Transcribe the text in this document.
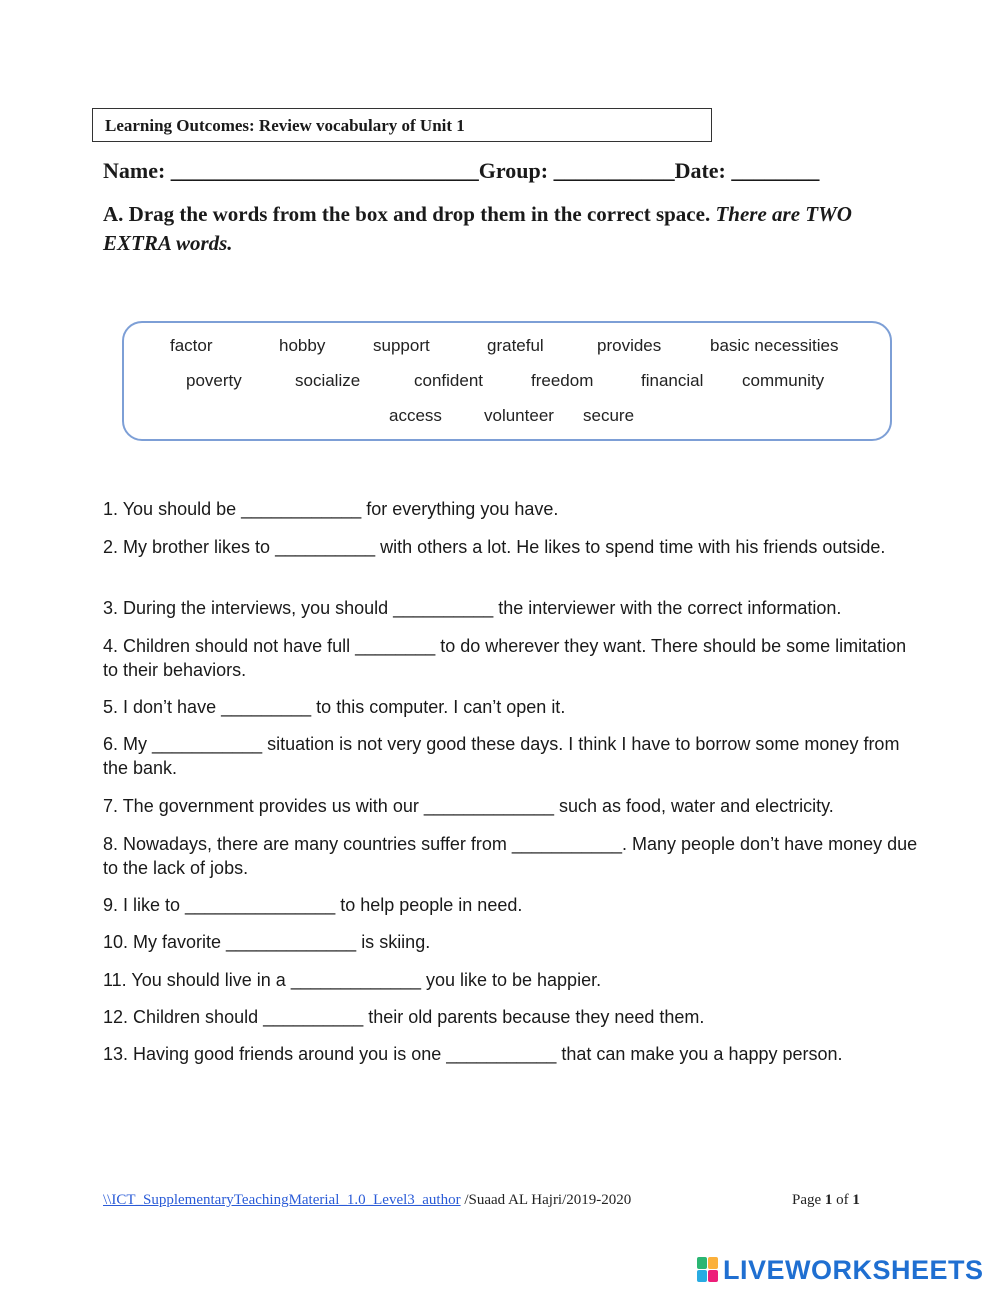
Learning Outcomes: Review vocabulary of Unit 1
Name: ____________________________Group: ___________Date: ________
A. Drag the words from the box and drop them in the correct space. There are TWO EXTRA words.
factor	hobby	support	grateful	provides	basic necessities
poverty	socialize	confident	freedom	financial community
access volunteer secure
1. You should be ____________ for everything you have.
2. My brother likes to __________ with others a lot. He likes to spend time with his friends outside.
3. During the interviews, you should __________ the interviewer with the correct information.
4. Children should not have full ________ to do wherever they want. There should be some limitation to their behaviors.
5. I don’t have _________ to this computer. I can’t open it.
6. My ___________ situation is not very good these days. I think I have to borrow some money from the bank.
7. The government provides us with our _____________ such as food, water and electricity.
8. Nowadays, there are many countries suffer from ___________. Many people don’t have money due to the lack of jobs.
9. I like to _______________ to help people in need.
10. My favorite _____________ is skiing.
11. You should live in a _____________ you like to be happier.
12. Children should __________ their old parents because they need them.
13. Having good friends around you is one ___________ that can make you a happy person.
\\ICT_SupplementaryTeachingMaterial_1.0_Level3_author /Suaad AL Hajri/2019-2020	Page 1 of 1
LIVEWORKSHEETS
